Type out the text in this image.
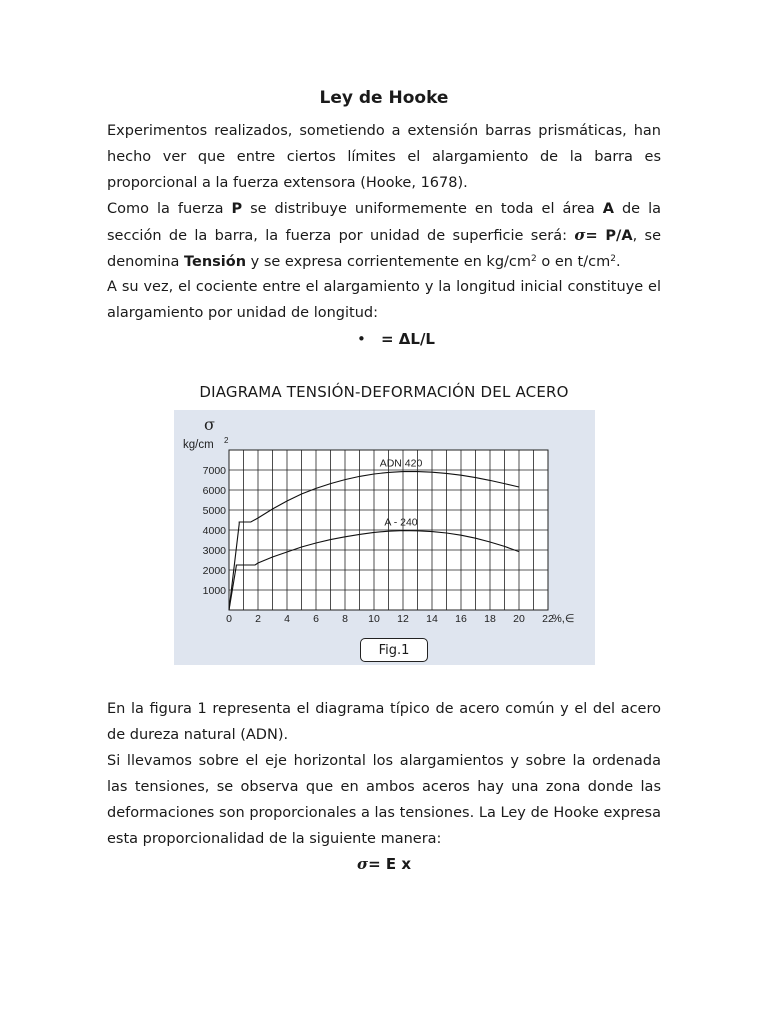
Ley de Hooke
Experimentos realizados, sometiendo a extensión barras prismáticas, han hecho ver que entre ciertos límites el alargamiento de la barra es proporcional a la fuerza extensora (Hooke, 1678).
Como la fuerza P se distribuye uniformemente en toda el área A de la sección de la barra, la fuerza por unidad de superficie será: σ= P/A, se denomina Tensión y se expresa corrientemente en $kg/cm^2$ o en $t/cm^2$.
A su vez, el cociente entre el alargamiento y la longitud inicial constituye el alargamiento por unidad de longitud:
• = ΔL/L
DIAGRAMA TENSIÓN-DEFORMACIÓN DEL ACERO
0 2 4 6 8 10 12 14 16 18 20 22
1000
2000
3000
4000
5000
6000
7000
%,∈
σ
kg/cm 2
ADN 420
A - 240
Fig.1
En la figura 1 representa el diagrama típico de acero común y el del acero de dureza natural (ADN).
Si llevamos sobre el eje horizontal los alargamientos y sobre la ordenada las tensiones, se observa que en ambos aceros hay una zona donde las deformaciones son proporcionales a las tensiones. La Ley de Hooke expresa esta proporcionalidad de la siguiente manera:
σ= E x
